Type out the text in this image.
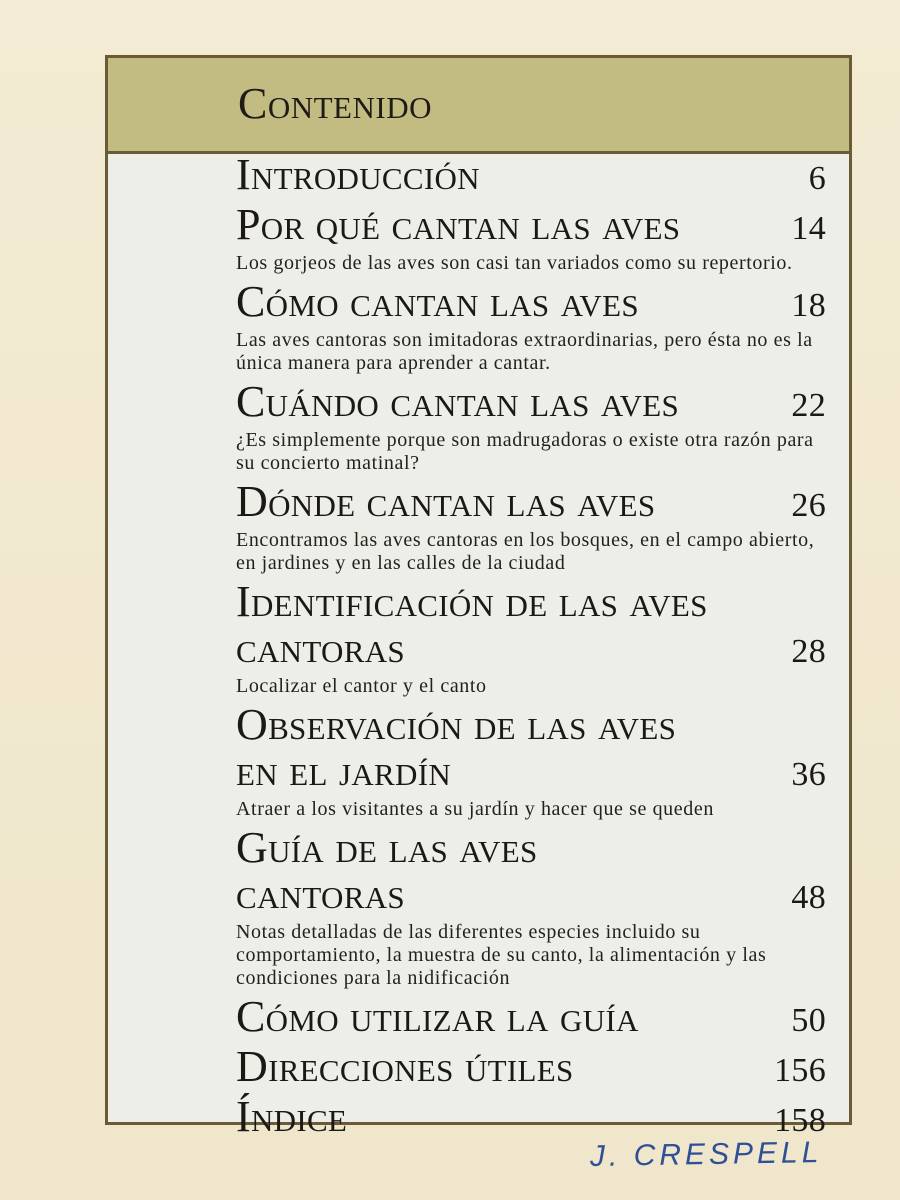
Contenido
Introducción	6
Por qué cantan las aves	14

Los gorjeos de las aves son casi tan variados como su repertorio.

Cómo cantan las aves	18

Las aves cantoras son imitadoras extraordinarias, pero ésta no es la única manera para aprender a cantar.

Cuándo cantan las aves	22

¿Es simplemente porque son madrugadoras o existe otra razón para su concierto matinal?

Dónde cantan las aves	26

Encontramos las aves cantoras en los bosques, en el campo abierto, en jardines y en las calles de la ciudad

Identificación de las aves
cantoras	28

Localizar el cantor y el canto

Observación de las aves
en el jardín	36

Atraer a los visitantes a su jardín y hacer que se queden

Guía de las aves
cantoras	48

Notas detalladas de las diferentes especies incluido su comportamiento, la muestra de su canto, la alimentación y las condiciones para la nidificación

Cómo utilizar la guía	50
Direcciones útiles	156
Índice	158
J. CRESPELL
